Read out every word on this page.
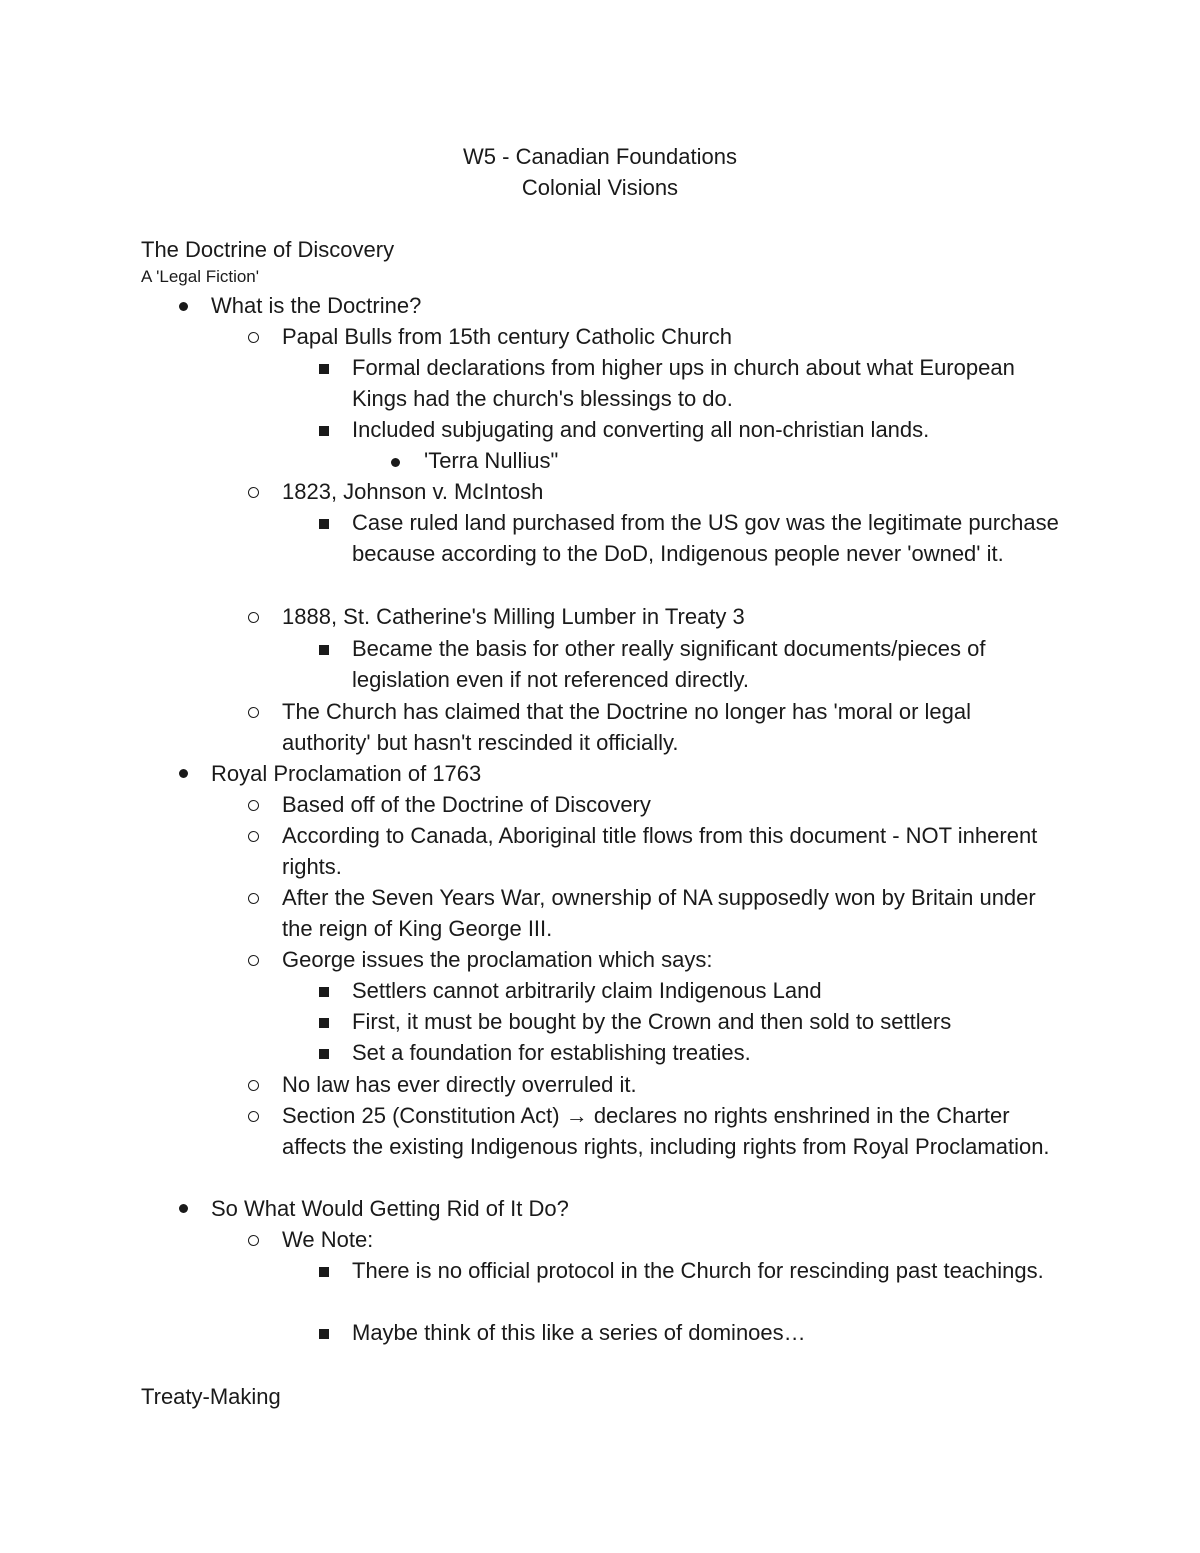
W5 - Canadian Foundations
Colonial Visions
The Doctrine of Discovery
A 'Legal Fiction'
What is the Doctrine?
Papal Bulls from 15th century Catholic Church
Formal declarations from higher ups in church about what European Kings had the church's blessings to do.
Included subjugating and converting all non-christian lands.
'Terra Nullius"
1823, Johnson v. McIntosh
Case ruled land purchased from the US gov was the legitimate purchase because according to the DoD, Indigenous people never 'owned' it.
1888, St. Catherine's Milling Lumber in Treaty 3
Became the basis for other really significant documents/pieces of legislation even if not referenced directly.
The Church has claimed that the Doctrine no longer has 'moral or legal authority' but hasn't rescinded it officially.
Royal Proclamation of 1763
Based off of the Doctrine of Discovery
According to Canada, Aboriginal title flows from this document - NOT inherent rights.
After the Seven Years War, ownership of NA supposedly won by Britain under the reign of King George III.
George issues the proclamation which says:
Settlers cannot arbitrarily claim Indigenous Land
First, it must be bought by the Crown and then sold to settlers
Set a foundation for establishing treaties.
No law has ever directly overruled it.
Section 25 (Constitution Act) → declares no rights enshrined in the Charter affects the existing Indigenous rights, including rights from Royal Proclamation.
So What Would Getting Rid of It Do?
We Note:
There is no official protocol in the Church for rescinding past teachings.
Maybe think of this like a series of dominoes…
Treaty-Making
